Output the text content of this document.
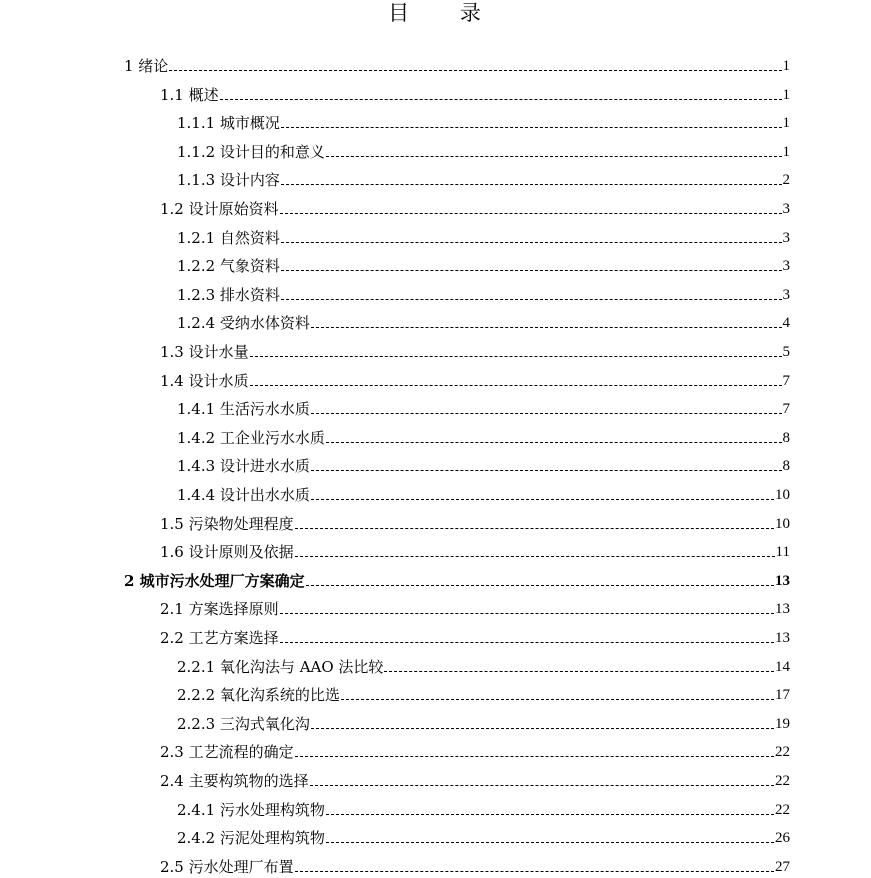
目 录
1 绪论	1
1.1 概述	1
1.1.1 城市概况	1
1.1.2 设计目的和意义	1
1.1.3 设计内容	2
1.2 设计原始资料	3
1.2.1 自然资料	3
1.2.2 气象资料	3
1.2.3 排水资料	3
1.2.4 受纳水体资料	4
1.3 设计水量	5
1.4 设计水质	7
1.4.1 生活污水水质	7
1.4.2 工企业污水水质	8
1.4.3 设计进水水质	8
1.4.4 设计出水水质	10
1.5 污染物处理程度	10
1.6 设计原则及依据	11
2 城市污水处理厂方案确定	13
2.1 方案选择原则	13
2.2 工艺方案选择	13
2.2.1 氧化沟法与 AAO 法比较	14
2.2.2 氧化沟系统的比选	17
2.2.3 三沟式氧化沟	19
2.3 工艺流程的确定	22
2.4 主要构筑物的选择	22
2.4.1 污水处理构筑物	22
2.4.2 污泥处理构筑物	26
2.5 污水处理厂布置	27
